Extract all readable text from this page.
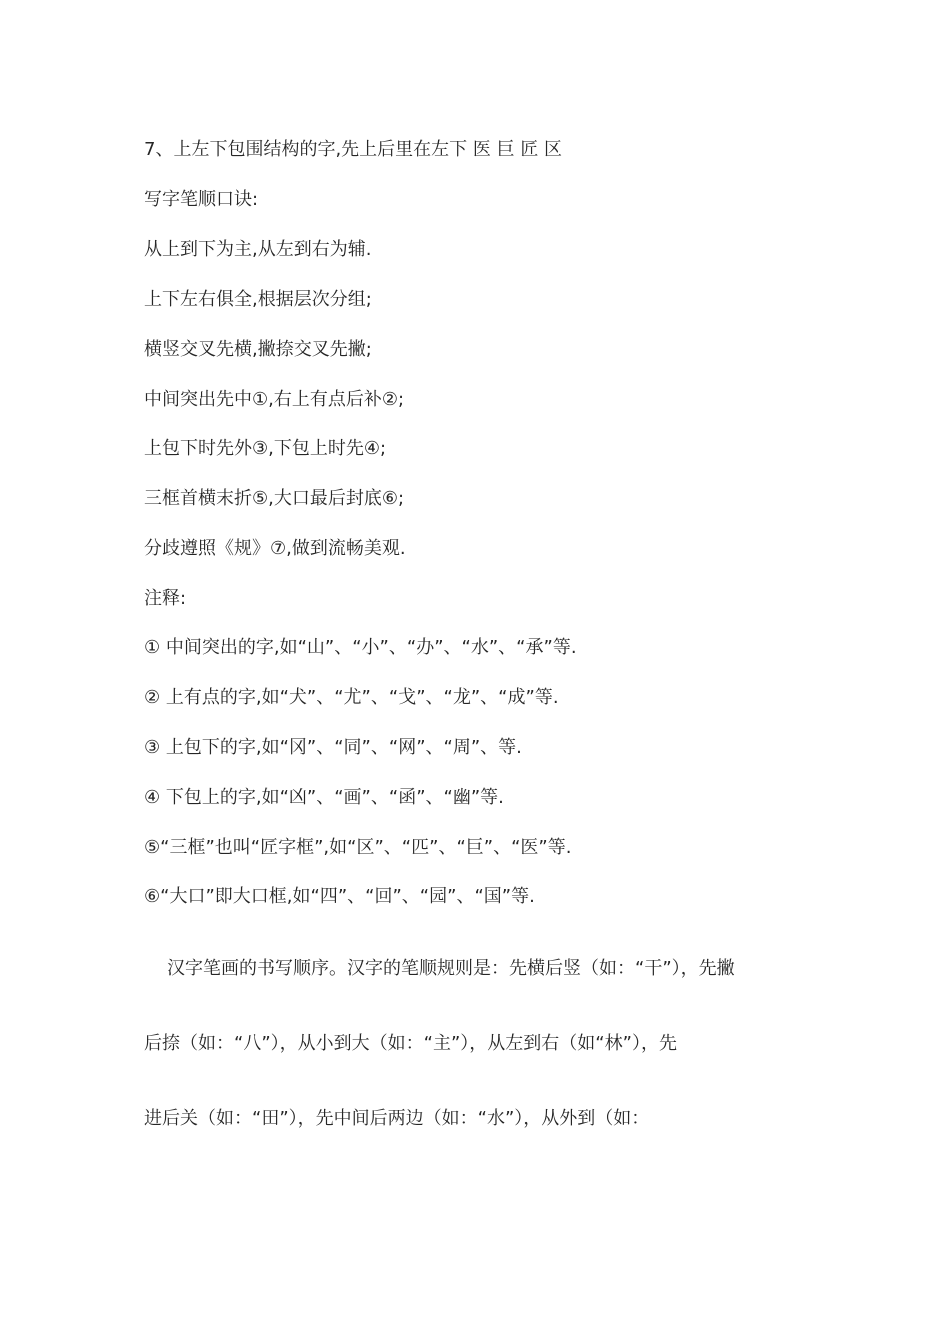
7、上左下包围结构的字,先上后里在左下 医 巨 匠 区
写字笔顺口诀:
从上到下为主,从左到右为辅.
上下左右俱全,根据层次分组;
横竖交叉先横,撇捺交叉先撇;
中间突出先中①,右上有点后补②;
上包下时先外③,下包上时先④;
三框首横末折⑤,大口最后封底⑥;
分歧遵照《规》⑦,做到流畅美观.
注释:
① 中间突出的字,如“山”、“小”、“办”、“水”、“承”等.
② 上有点的字,如“犬”、“尤”、“戈”、“龙”、“成”等.
③ 上包下的字,如“冈”、“同”、“网”、“周”、等.
④ 下包上的字,如“凶”、“画”、“函”、“幽”等.
⑤“三框”也叫“匠字框”,如“区”、“匹”、“巨”、“医”等.
⑥“大口”即大口框,如“四”、“回”、“园”、“国”等.
汉字笔画的书写顺序。汉字的笔顺规则是：先横后竖（如：“干”），先撇
后捺（如：“八”），从小到大（如：“主”），从左到右（如“林”），先
进后关（如：“田”），先中间后两边（如：“水”），从外到（如：
